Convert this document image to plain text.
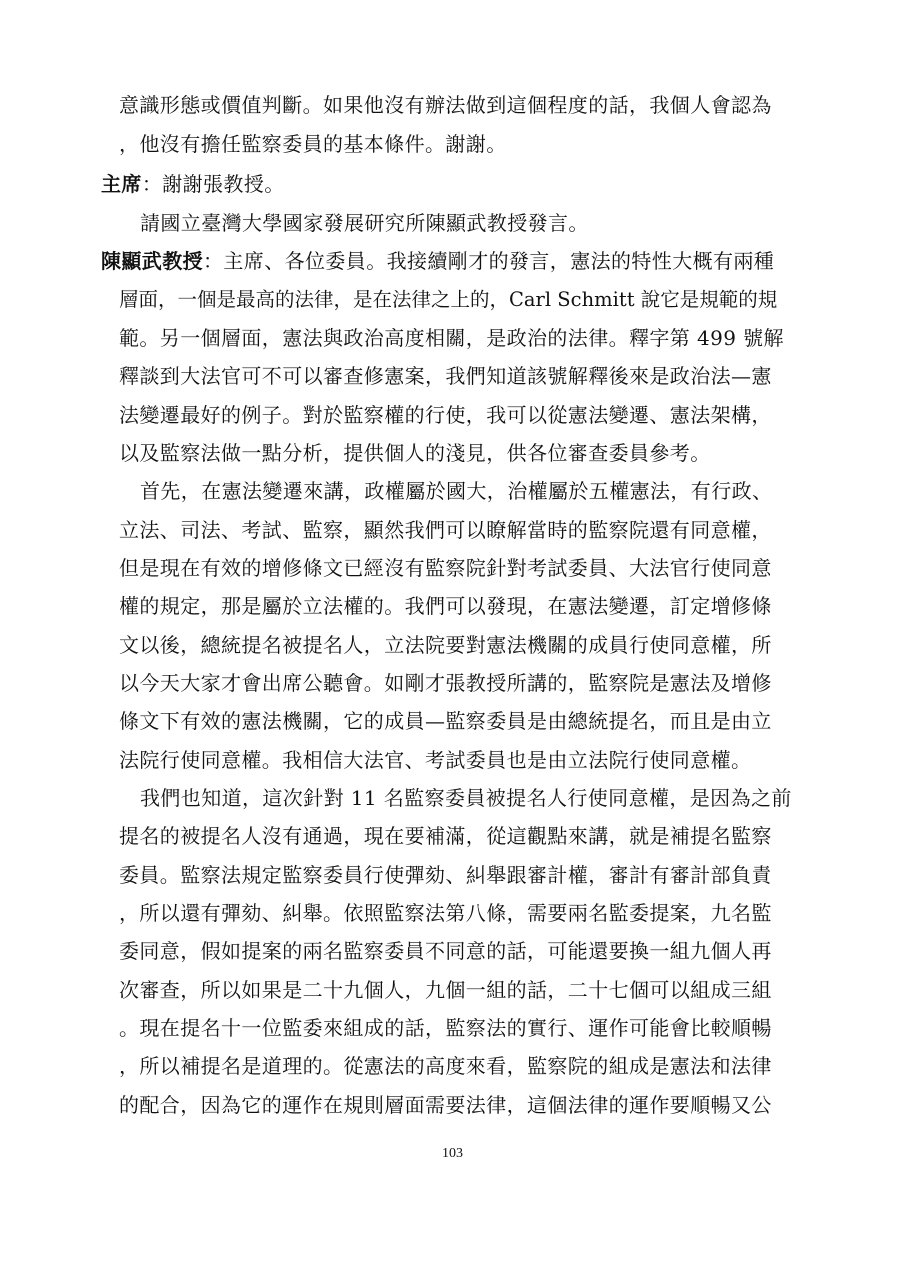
意識形態或價值判斷。如果他沒有辦法做到這個程度的話，我個人會認為
，他沒有擔任監察委員的基本條件。謝謝。
主席：謝謝張教授。
請國立臺灣大學國家發展研究所陳顯武教授發言。
陳顯武教授：主席、各位委員。我接續剛才的發言，憲法的特性大概有兩種
層面，一個是最高的法律，是在法律之上的，Carl Schmitt 說它是規範的規
範。另一個層面，憲法與政治高度相關，是政治的法律。釋字第 499 號解
釋談到大法官可不可以審查修憲案，我們知道該號解釋後來是政治法—憲
法變遷最好的例子。對於監察權的行使，我可以從憲法變遷、憲法架構，
以及監察法做一點分析，提供個人的淺見，供各位審查委員參考。
首先，在憲法變遷來講，政權屬於國大，治權屬於五權憲法，有行政、
立法、司法、考試、監察，顯然我們可以瞭解當時的監察院還有同意權，
但是現在有效的增修條文已經沒有監察院針對考試委員、大法官行使同意
權的規定，那是屬於立法權的。我們可以發現，在憲法變遷，訂定增修條
文以後，總統提名被提名人，立法院要對憲法機關的成員行使同意權，所
以今天大家才會出席公聽會。如剛才張教授所講的，監察院是憲法及增修
條文下有效的憲法機關，它的成員—監察委員是由總統提名，而且是由立
法院行使同意權。我相信大法官、考試委員也是由立法院行使同意權。
我們也知道，這次針對 11 名監察委員被提名人行使同意權，是因為之前
提名的被提名人沒有通過，現在要補滿，從這觀點來講，就是補提名監察
委員。監察法規定監察委員行使彈劾、糾舉跟審計權，審計有審計部負責
，所以還有彈劾、糾舉。依照監察法第八條，需要兩名監委提案，九名監
委同意，假如提案的兩名監察委員不同意的話，可能還要換一組九個人再
次審查，所以如果是二十九個人，九個一組的話，二十七個可以組成三組
。現在提名十一位監委來組成的話，監察法的實行、運作可能會比較順暢
，所以補提名是道理的。從憲法的高度來看，監察院的組成是憲法和法律
的配合，因為它的運作在規則層面需要法律，這個法律的運作要順暢又公
103
